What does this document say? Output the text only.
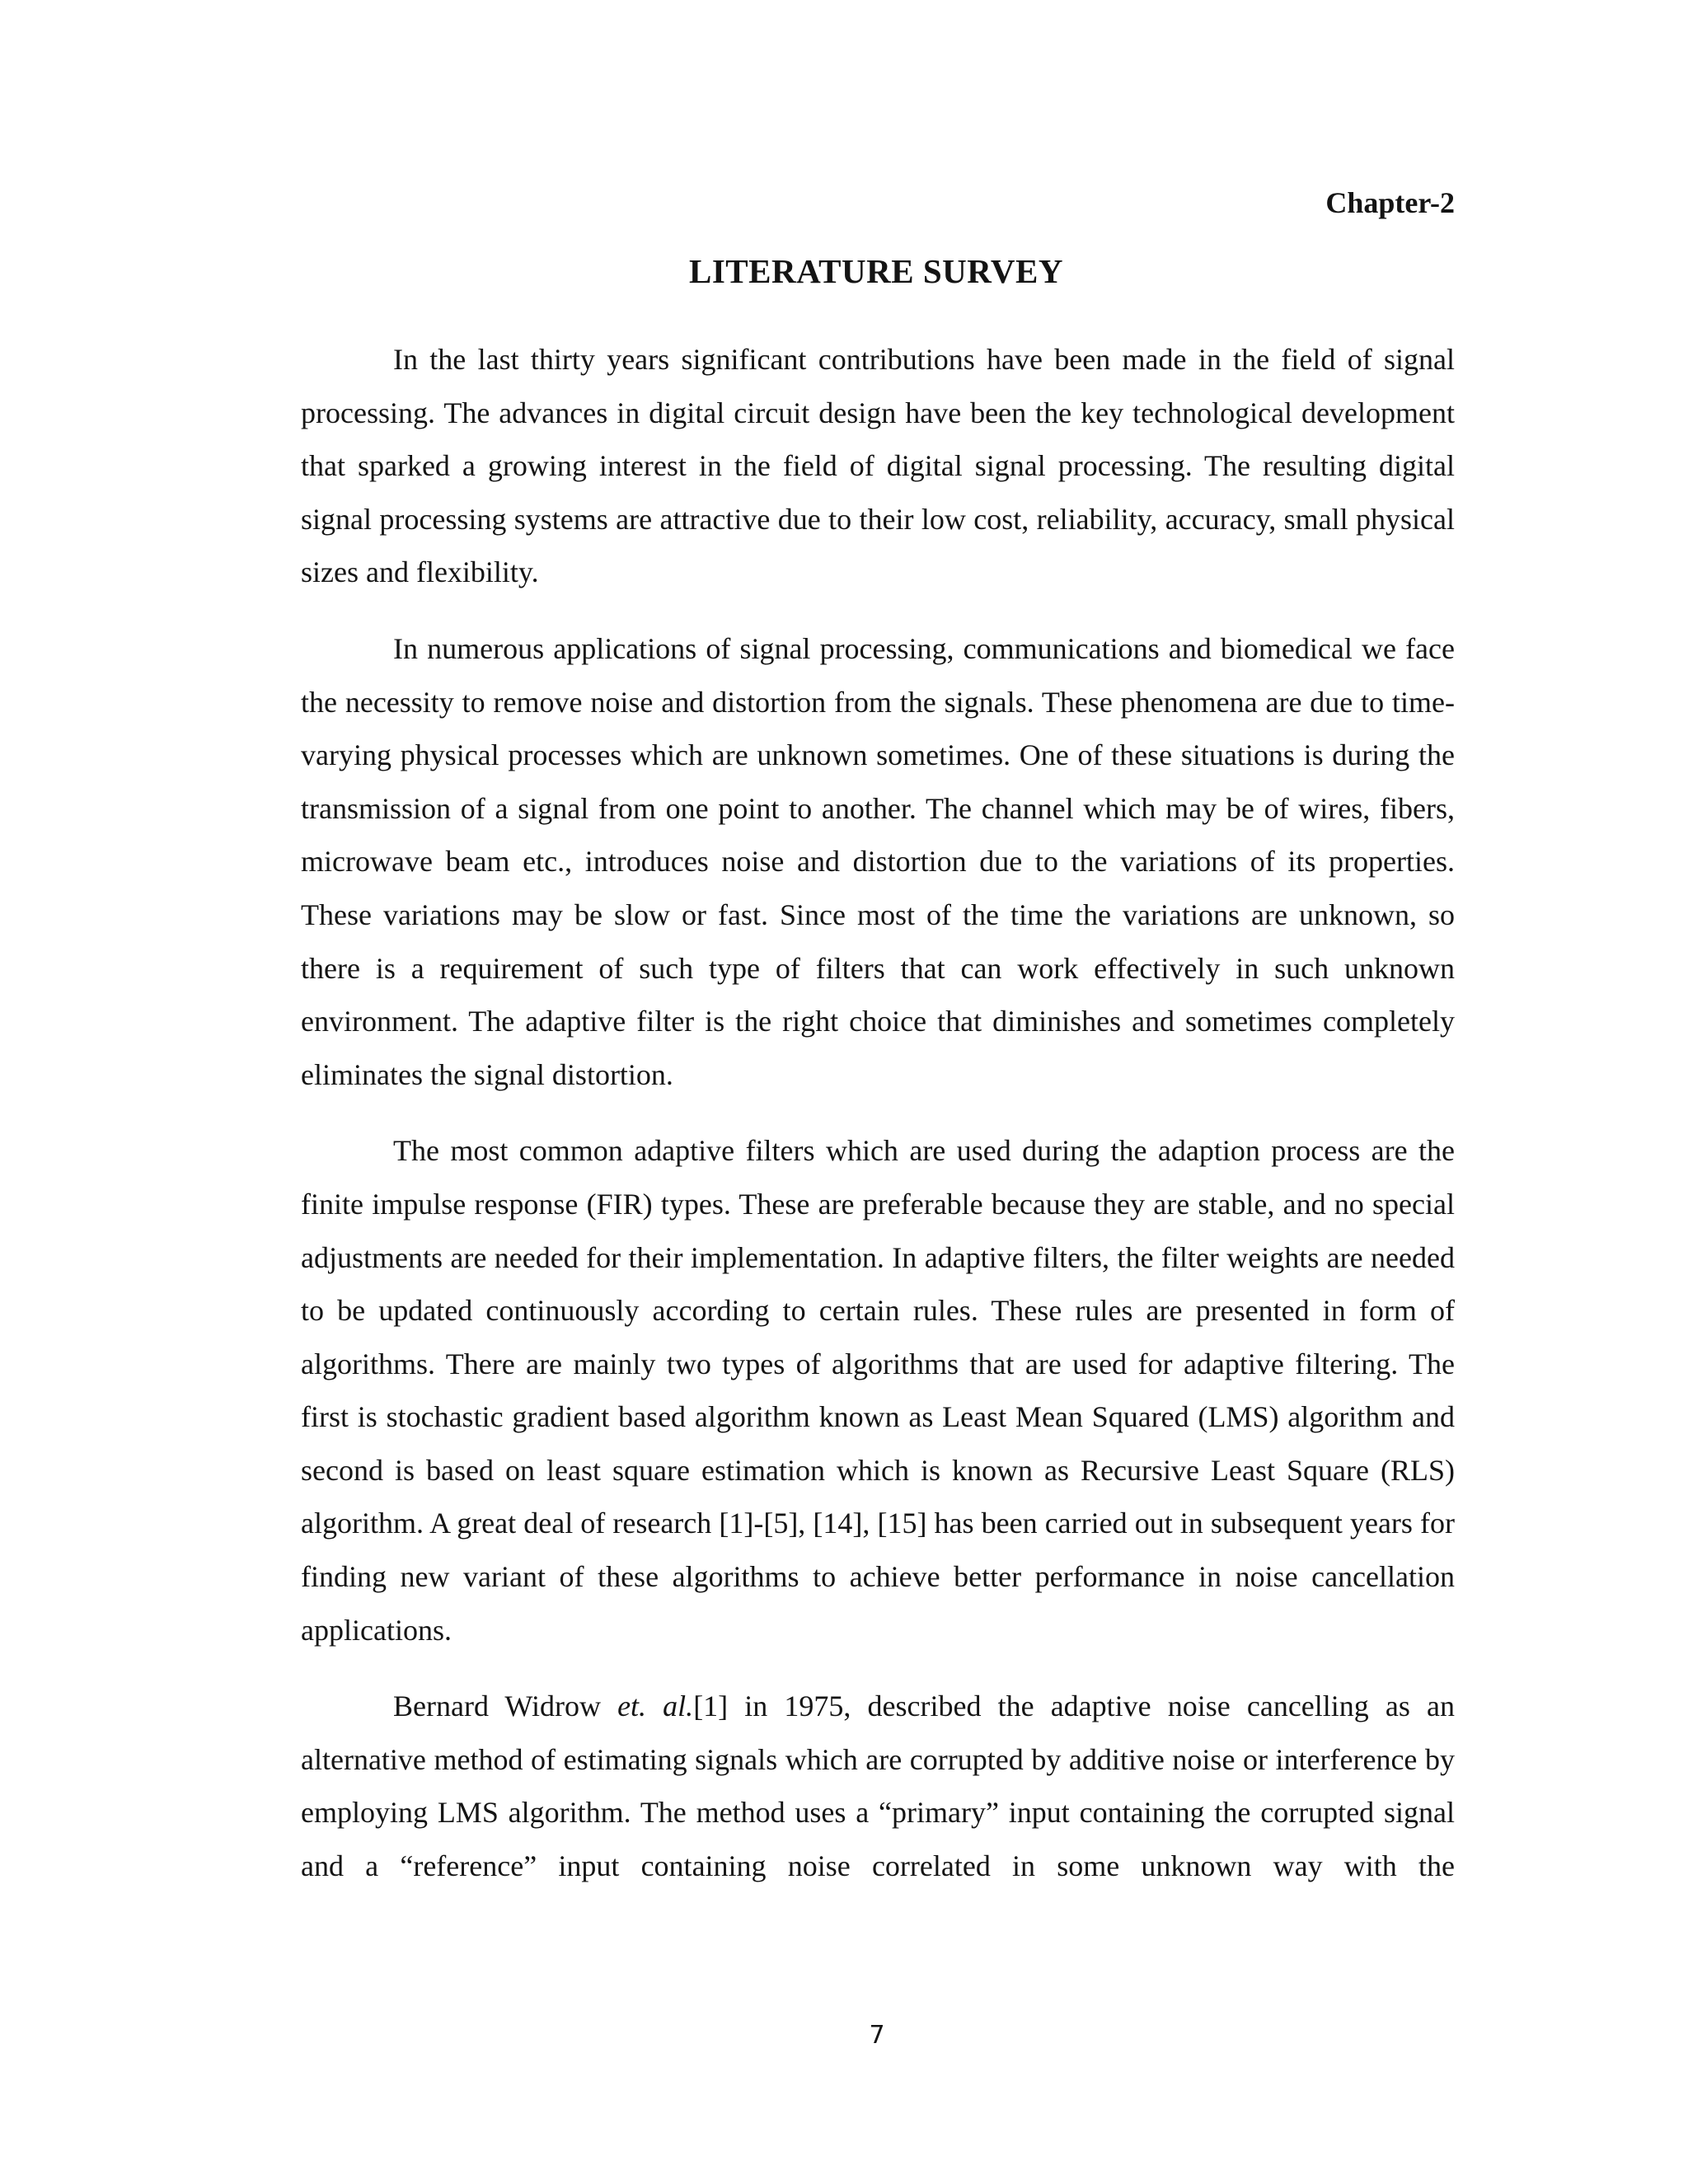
Chapter-2

LITERATURE SURVEY

In the last thirty years significant contributions have been made in the field of signal processing. The advances in digital circuit design have been the key technological development that sparked a growing interest in the field of digital signal processing. The resulting digital signal processing systems are attractive due to their low cost, reliability, accuracy, small physical sizes and flexibility.

In numerous applications of signal processing, communications and biomedical we face the necessity to remove noise and distortion from the signals. These phenomena are due to time-varying physical processes which are unknown sometimes. One of these situations is during the transmission of a signal from one point to another. The channel which may be of wires, fibers, microwave beam etc., introduces noise and distortion due to the variations of its properties. These variations may be slow or fast. Since most of the time the variations are unknown, so there is a requirement of such type of filters that can work effectively in such unknown environment. The adaptive filter is the right choice that diminishes and sometimes completely eliminates the signal distortion.

The most common adaptive filters which are used during the adaption process are the finite impulse response (FIR) types. These are preferable because they are stable, and no special adjustments are needed for their implementation. In adaptive filters, the filter weights are needed to be updated continuously according to certain rules. These rules are presented in form of algorithms. There are mainly two types of algorithms that are used for adaptive filtering. The first is stochastic gradient based algorithm known as Least Mean Squared (LMS) algorithm and second is based on least square estimation which is known as Recursive Least Square (RLS) algorithm. A great deal of research [1]-[5], [14], [15] has been carried out in subsequent years for finding new variant of these algorithms to achieve better performance in noise cancellation applications.

Bernard Widrow et. al.[1] in 1975, described the adaptive noise cancelling as an alternative method of estimating signals which are corrupted by additive noise or interference by employing LMS algorithm. The method uses a “primary” input containing the corrupted signal and a “reference” input containing noise correlated in some unknown way with the

7
